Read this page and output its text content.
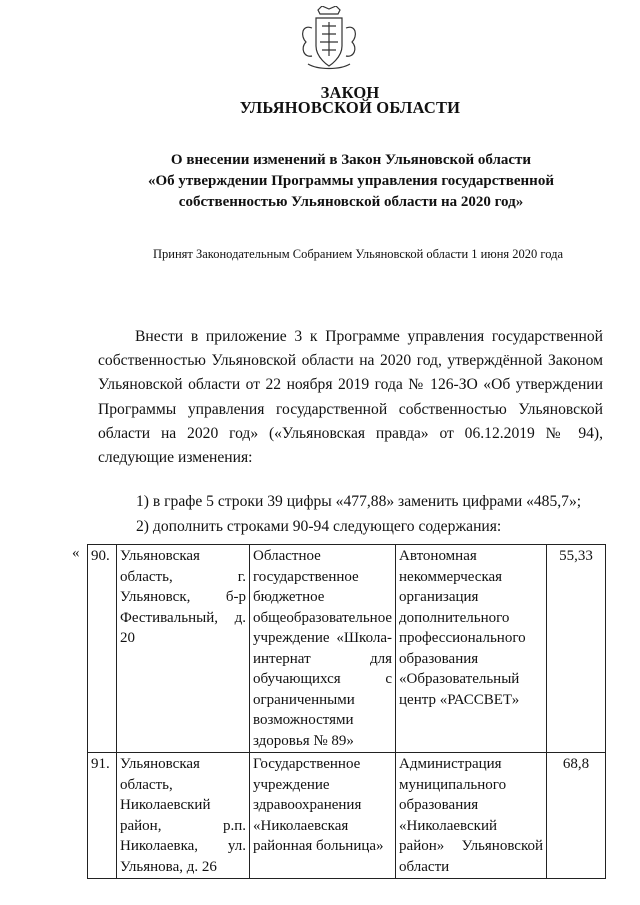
ЗАКОН
УЛЬЯНОВСКОЙ ОБЛАСТИ
О внесении изменений в Закон Ульяновской области
«Об утверждении Программы управления государственной
собственностью Ульяновской области на 2020 год»
Принят Законодательным Собранием Ульяновской области 1 июня 2020 года
Внести в приложение 3 к Программе управления государственной собственностью Ульяновской области на 2020 год, утверждённой Законом Ульяновской области от 22 ноября 2019 года № 126-ЗО «Об утверждении Программы управления государственной собственностью Ульяновской области на 2020 год» («Ульяновская правда» от 06.12.2019 № 94), следующие изменения:
1) в графе 5 строки 39 цифры «477,88» заменить цифрами «485,7»;
2) дополнить строками 90-94 следующего содержания:
« 90.	Ульяновская область, г. Ульяновск, б-р Фестивальный, д. 20	Областное государственное бюджетное общеобразовательное учреждение «Школа-интернат для обучающихся с ограниченными возможностями здоровья № 89»	Автономная некоммерческая организация дополнительного профессионального образования «Образовательный центр «РАССВЕТ»	55,33
91.	Ульяновская область, Николаевский район, р.п. Николаевка, ул. Ульянова, д. 26	Государственное учреждение здравоохранения «Николаевская районная больница»	Администрация муниципального образования «Николаевский район» Ульяновской области	68,8
